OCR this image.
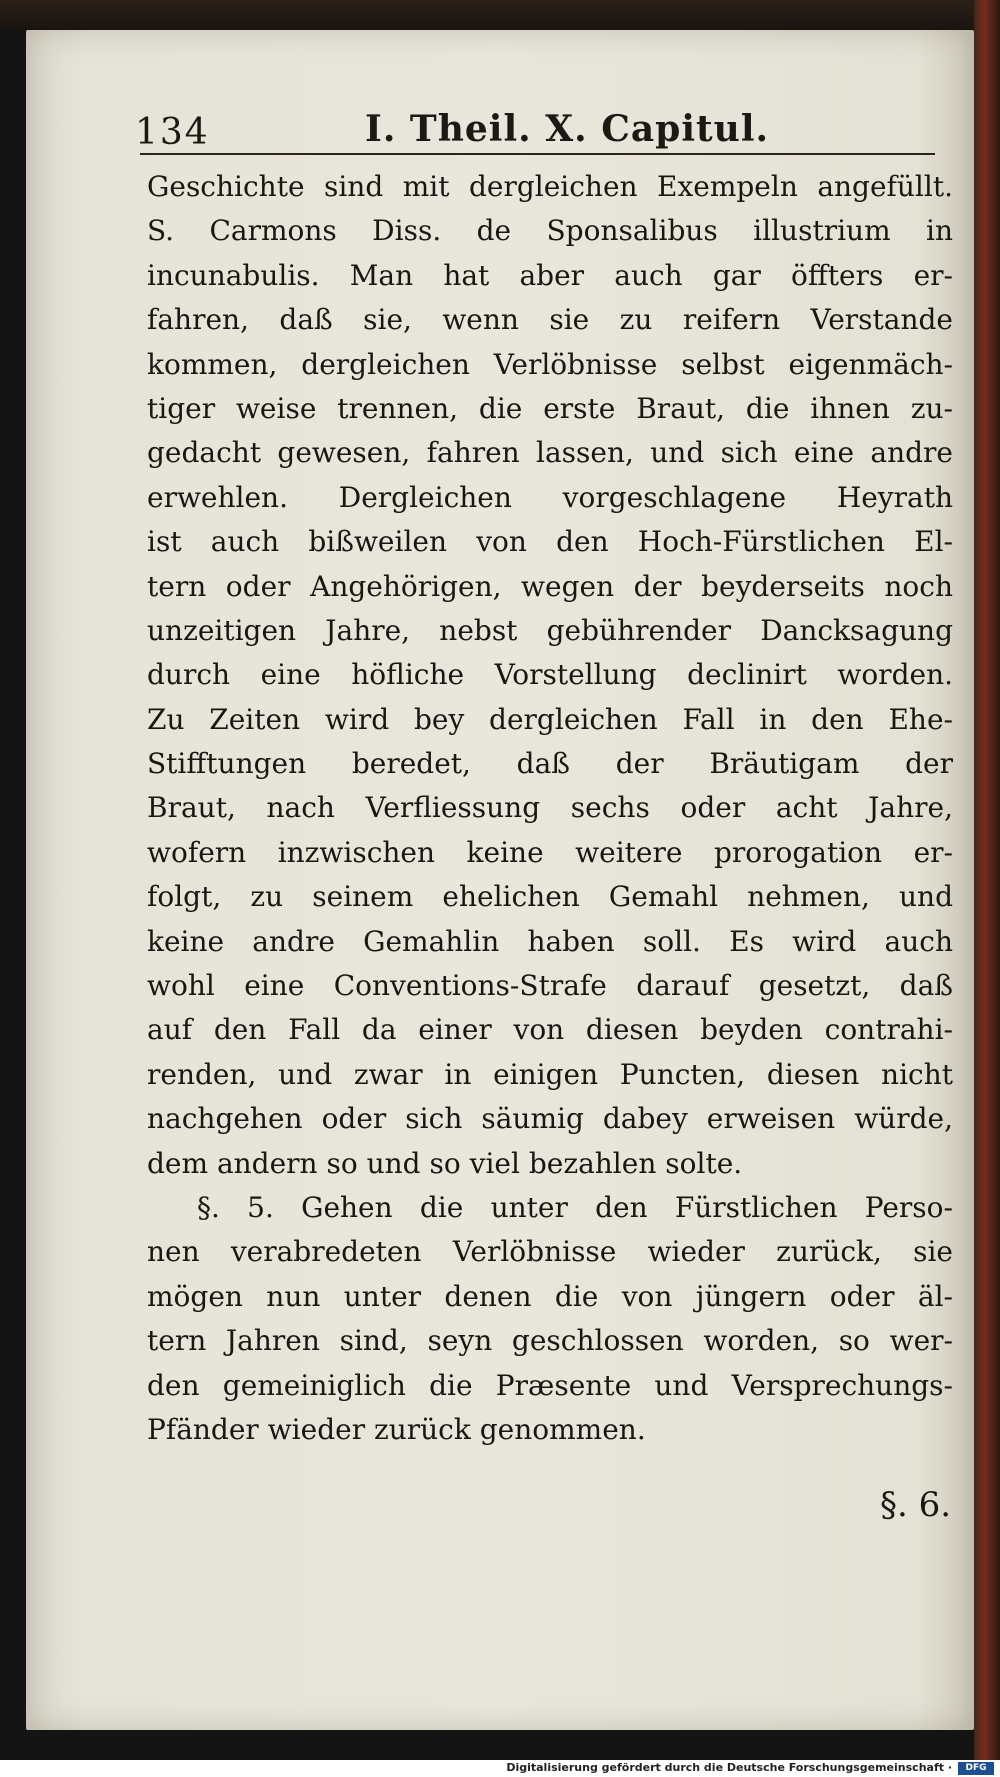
134	I. Theil. X. Capitul.
Geschichte sind mit dergleichen Exempeln angefüllt.
S. Carmons Diss. de Sponsalibus illustrium in
incunabulis. Man hat aber auch gar öffters er-
fahren, daß sie, wenn sie zu reifern Verstande
kommen, dergleichen Verlöbnisse selbst eigenmäch-
tiger weise trennen, die erste Braut, die ihnen zu-
gedacht gewesen, fahren lassen, und sich eine andre
erwehlen. Dergleichen vorgeschlagene Heyrath
ist auch bißweilen von den Hoch-Fürstlichen El-
tern oder Angehörigen, wegen der beyderseits noch
unzeitigen Jahre, nebst gebührender Dancksagung
durch eine höfliche Vorstellung declinirt worden.
Zu Zeiten wird bey dergleichen Fall in den Ehe-
Stifftungen beredet, daß der Bräutigam der
Braut, nach Verfliessung sechs oder acht Jahre,
wofern inzwischen keine weitere prorogation er-
folgt, zu seinem ehelichen Gemahl nehmen, und
keine andre Gemahlin haben soll. Es wird auch
wohl eine Conventions-Strafe darauf gesetzt, daß
auf den Fall da einer von diesen beyden contrahi-
renden, und zwar in einigen Puncten, diesen nicht
nachgehen oder sich säumig dabey erweisen würde,
dem andern so und so viel bezahlen solte.
§. 5. Gehen die unter den Fürstlichen Perso-
nen verabredeten Verlöbnisse wieder zurück, sie
mögen nun unter denen die von jüngern oder äl-
tern Jahren sind, seyn geschlossen worden, so wer-
den gemeiniglich die Præsente und Versprechungs-
Pfänder wieder zurück genommen.
§. 6.
Digitalisierung gefördert durch die Deutsche Forschungsgemeinschaft ·	DFG
